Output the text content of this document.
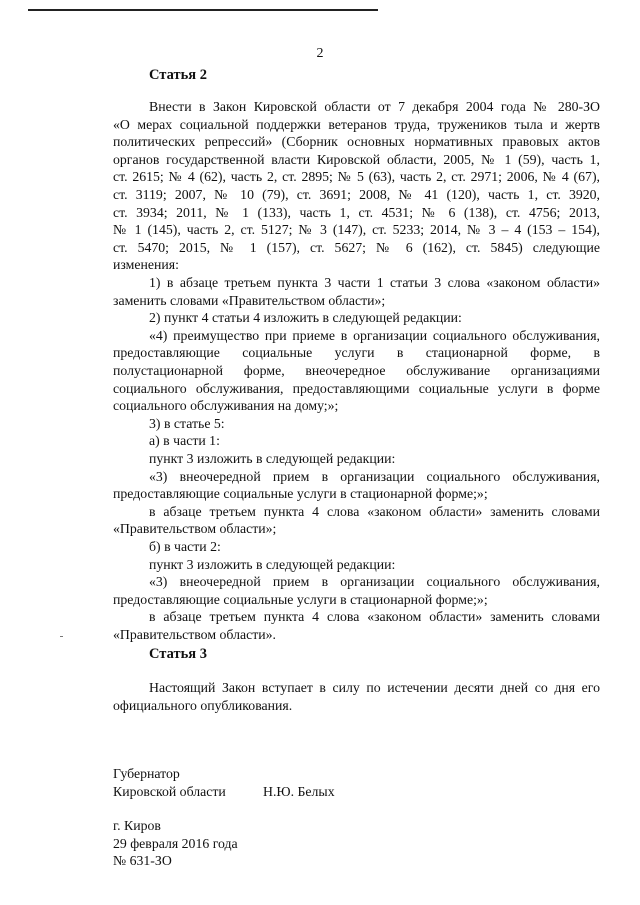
2
Статья 2
Внести в Закон Кировской области от 7 декабря 2004 года № 280-ЗО
«О мерах социальной поддержки ветеранов труда, тружеников тыла и жертв
политических репрессий» (Сборник основных нормативных правовых актов
органов государственной власти Кировской области, 2005, № 1 (59), часть 1,
ст. 2615; № 4 (62), часть 2, ст. 2895; № 5 (63), часть 2, ст. 2971; 2006, № 4 (67),
ст. 3119; 2007, № 10 (79), ст. 3691; 2008, № 41 (120), часть 1, ст. 3920,
ст. 3934; 2011, № 1 (133), часть 1, ст. 4531; № 6 (138), ст. 4756; 2013,
№ 1 (145), часть 2, ст. 5127; № 3 (147), ст. 5233; 2014, № 3 – 4 (153 – 154),
ст. 5470; 2015, № 1 (157), ст. 5627; № 6 (162), ст. 5845) следующие
изменения:

1) в абзаце третьем пункта 3 части 1 статьи 3 слова «законом области» заменить словами «Правительством области»;

2) пункт 4 статьи 4 изложить в следующей редакции:

«4) преимущество при приеме в организации социального обслуживания, предоставляющие социальные услуги в стационарной форме, в полустационарной форме, внеочередное обслуживание организациями социального обслуживания, предоставляющими социальные услуги в форме социального обслуживания на дому;»;

3) в статье 5:

а) в части 1:

пункт 3 изложить в следующей редакции:

«3) внеочередной прием в организации социального обслуживания, предоставляющие социальные услуги в стационарной форме;»;

в абзаце третьем пункта 4 слова «законом области» заменить словами «Правительством области»;

б) в части 2:

пункт 3 изложить в следующей редакции:

«3) внеочередной прием в организации социального обслуживания, предоставляющие социальные услуги в стационарной форме;»;

в абзаце третьем пункта 4 слова «законом области» заменить словами «Правительством области».

Статья 3

Настоящий Закон вступает в силу по истечении десяти дней со дня его официального опубликования.

Губернатор
Кировской области	Н.Ю. Белых
г. Киров
29 февраля 2016 года
№ 631-ЗО
